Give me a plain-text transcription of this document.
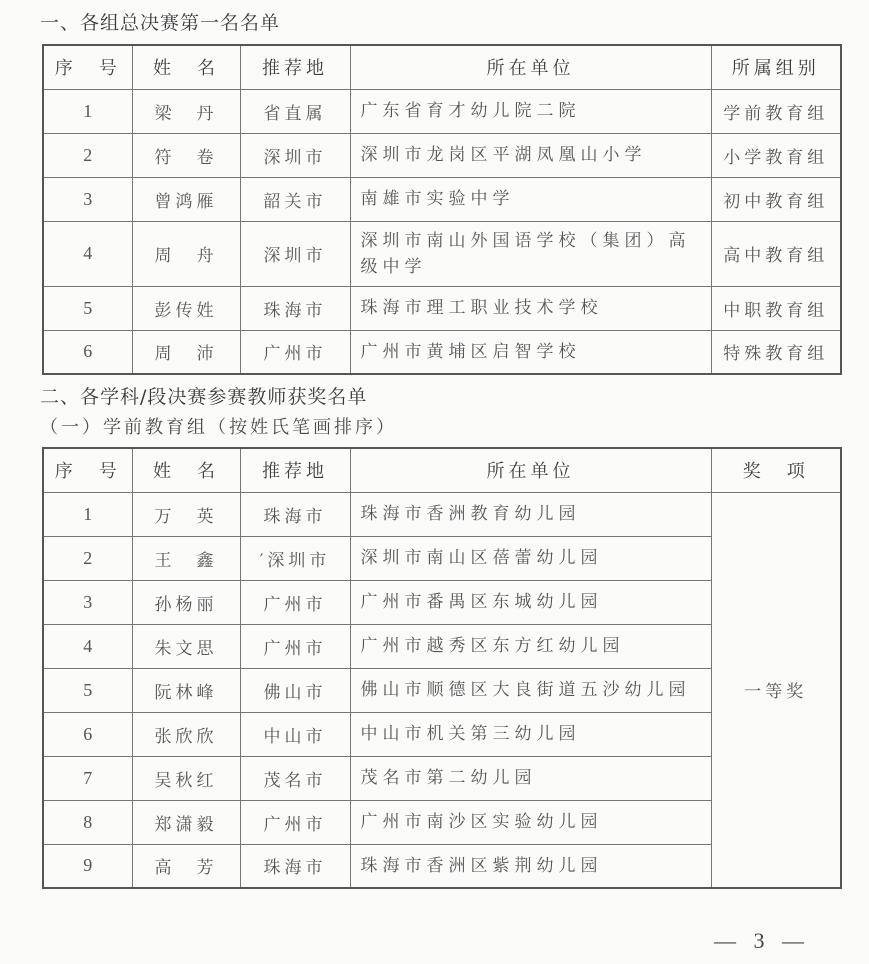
一、各组总决赛第一名名单
序　号	姓　名	推荐地	所在单位	所属组别
1	梁　丹	省直属	广东省育才幼儿院二院	学前教育组
2	符　卷	深圳市	深圳市龙岗区平湖凤凰山小学	小学教育组
3	曾鸿雁	韶关市	南雄市实验中学	初中教育组
4	周　舟	深圳市	深圳市南山外国语学校（集团）高级中学	高中教育组
5	彭传姓	珠海市	珠海市理工职业技术学校	中职教育组
6	周　沛	广州市	广州市黄埔区启智学校	特殊教育组
二、各学科/段决赛参赛教师获奖名单
（一）学前教育组（按姓氏笔画排序）
序　号	姓　名	推荐地	所在单位	奖　项
1	万　英	珠海市	珠海市香洲教育幼儿园	一等奖
2	王　鑫	′深圳市	深圳市南山区蓓蕾幼儿园	
3	孙杨丽	广州市	广州市番禺区东城幼儿园	
4	朱文思	广州市	广州市越秀区东方红幼儿园	
5	阮林峰	佛山市	佛山市顺德区大良街道五沙幼儿园	
6	张欣欣	中山市	中山市机关第三幼儿园	
7	吴秋红	茂名市	茂名市第二幼儿园	
8	郑潇毅	广州市	广州市南沙区实验幼儿园	
9	高　芳	珠海市	珠海市香洲区紫荆幼儿园	
— 3 —
